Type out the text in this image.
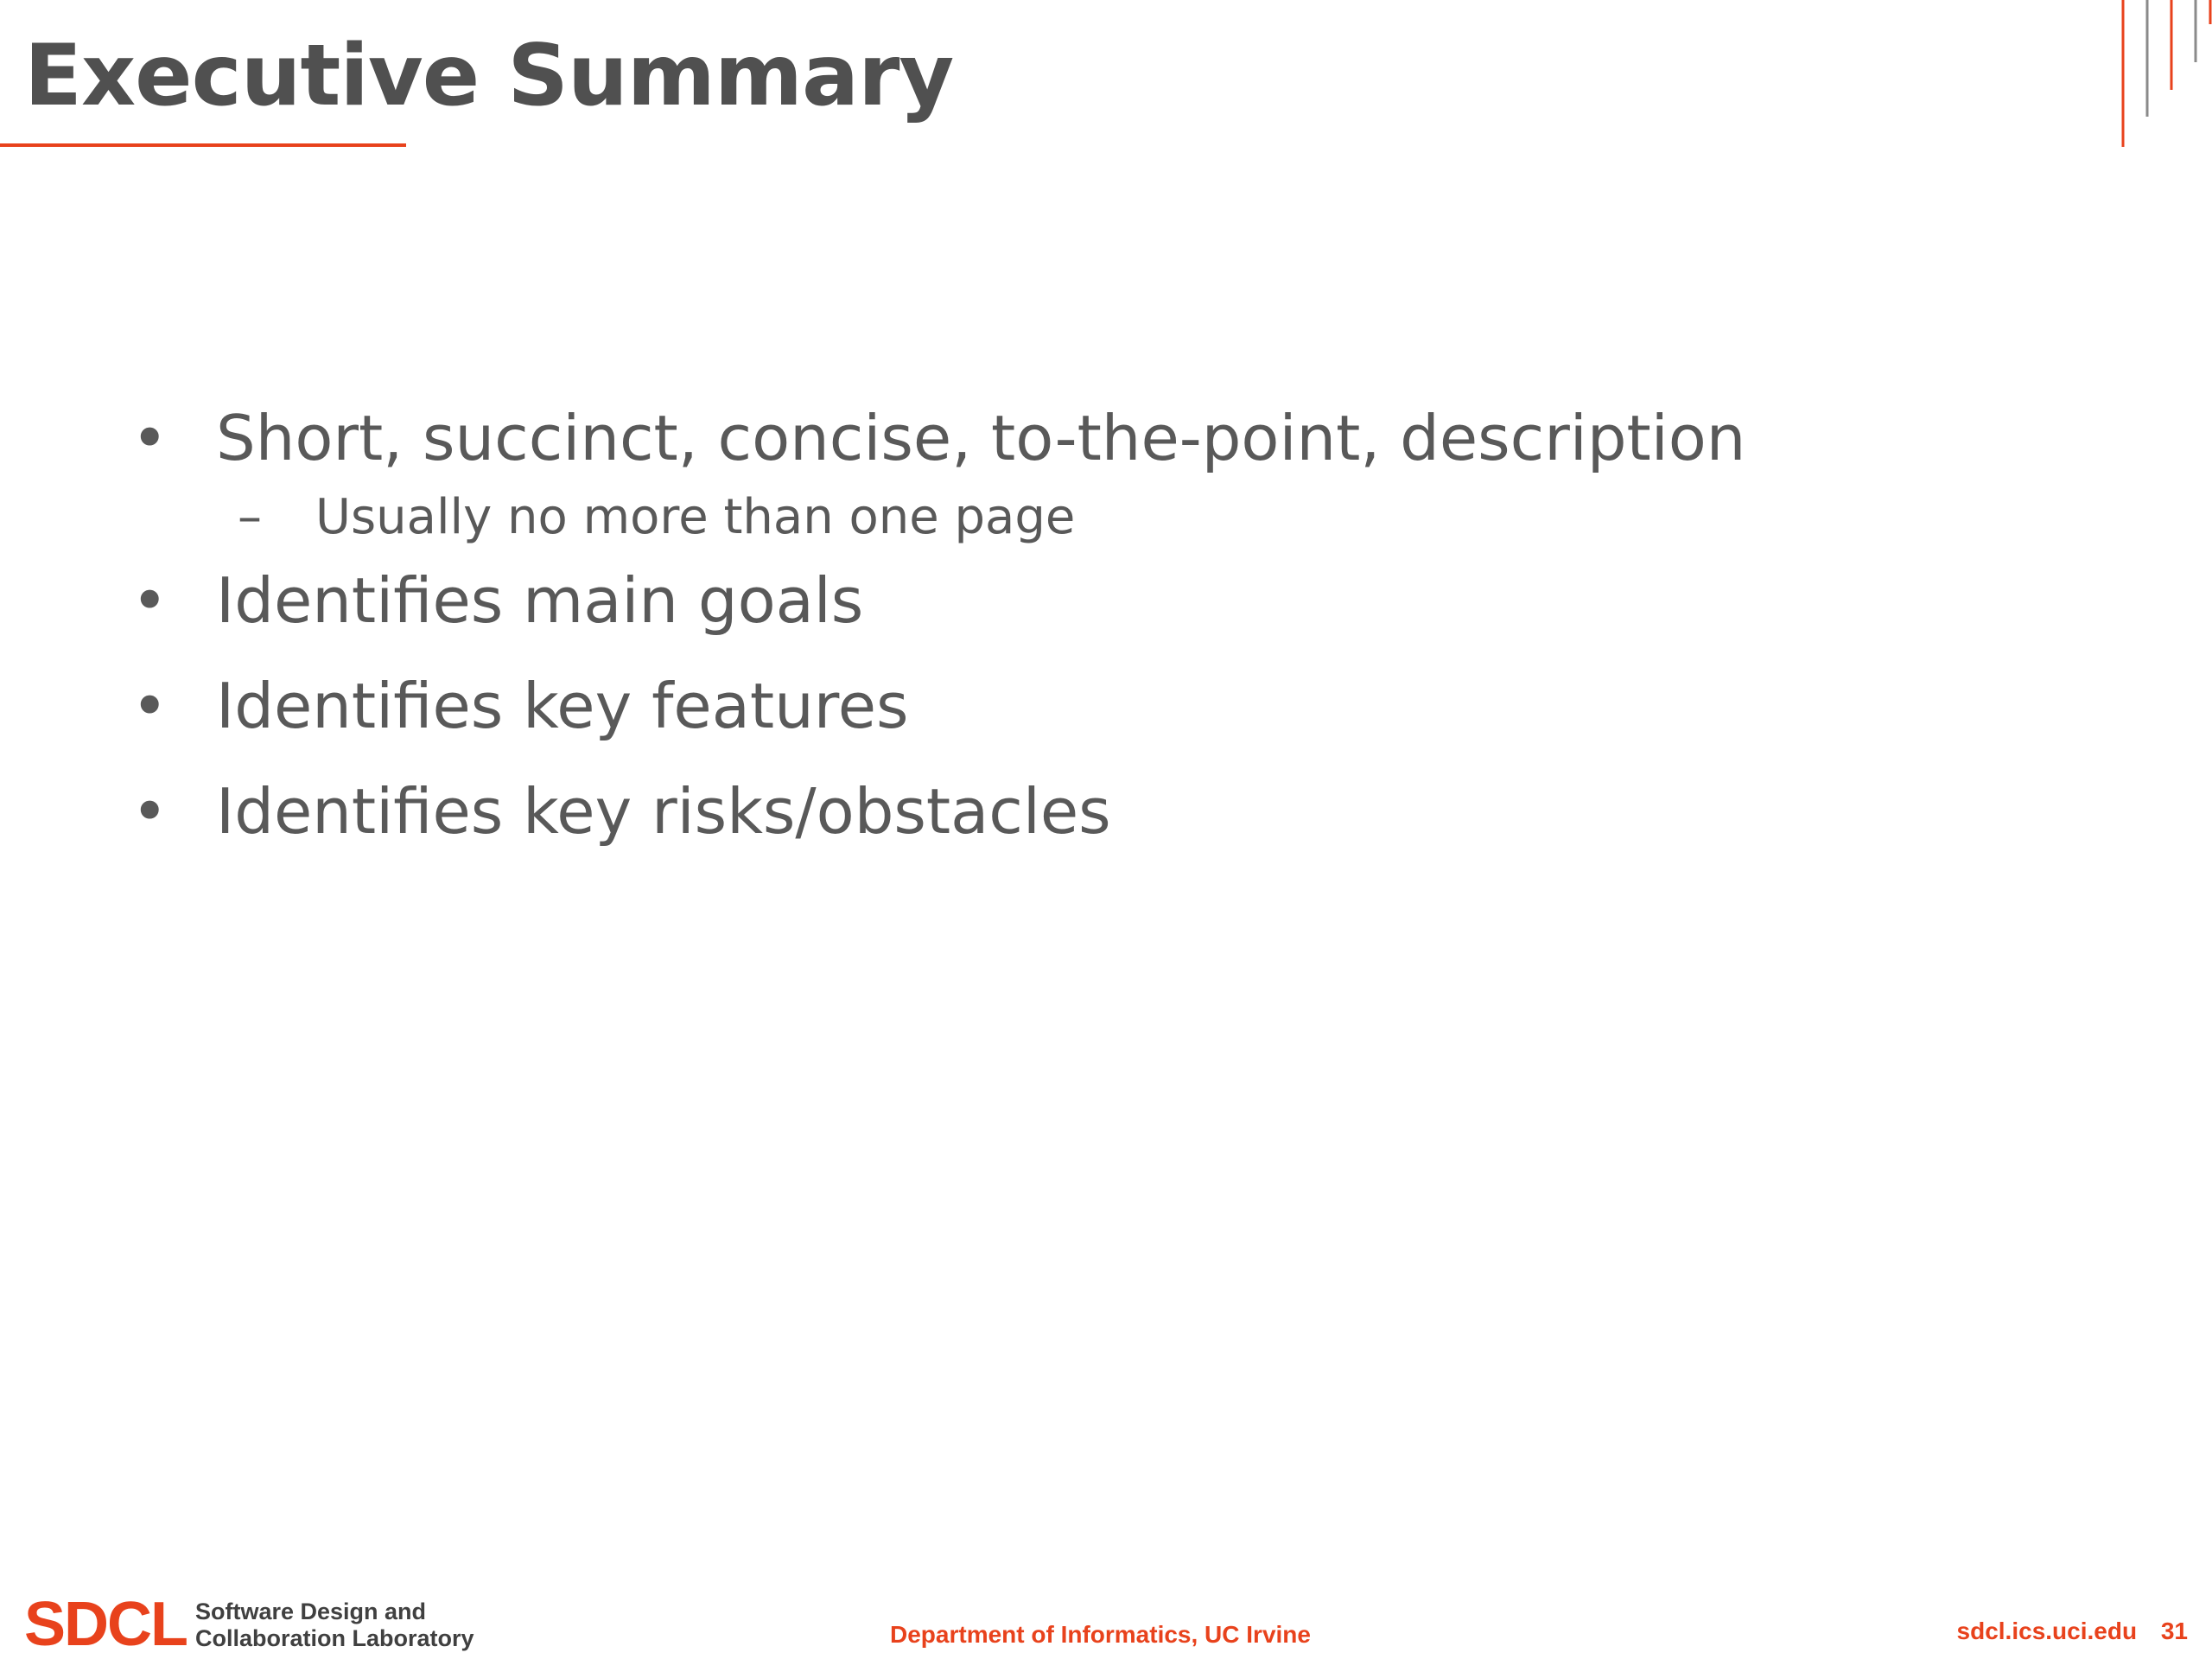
Executive Summary
• Short, succinct, concise, to-the-point, description
– Usually no more than one page
• Identifies main goals
• Identifies key features
• Identifies key risks/obstacles
SDCL Software Design and
Collaboration Laboratory	Department of Informatics, UC Irvine	sdcl.ics.uci.edu 31
